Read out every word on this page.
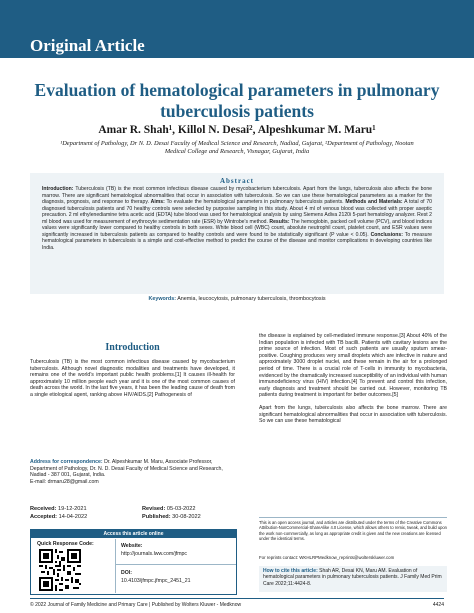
Original Article
Evaluation of hematological parameters in pulmonary tuberculosis patients
Amar R. Shah¹, Killol N. Desai², Alpeshkumar M. Maru¹
¹Department of Pathology, Dr N. D. Desai Faculty of Medical Science and Research, Nadiad, Gujarat, ²Department of Pathology, Nootan Medical College and Research, Visnagar, Gujarat, India
Abstract

Introduction: Tuberculosis (TB) is the most common infectious disease caused by mycobacterium tuberculosis. Apart from the lungs, tuberculosis also affects the bone marrow. There are significant hematological abnormalities that occur in association with tuberculosis. So we can use these hematological parameters as a marker for the diagnosis, prognosis, and response to therapy. Aims: To evaluate the hematological parameters in pulmonary tuberculosis patients. Methods and Materials: A total of 70 diagnosed tuberculosis patients and 70 healthy controls were selected by purposive sampling in this study. About 4 ml of venous blood was collected with proper aseptic precaution. 2 ml ethylenediamine tetra acetic acid (EDTA) tube blood was used for hematological analysis by using Siemens Adiva 2120i 5-part hematology analyzer. Rest 2 ml blood was used for measurement of erythrocyte sedimentation rate (ESR) by Wintrobe's method. Results: The hemoglobin, packed cell volume (PCV), and blood indices values were significantly lower compared to healthy controls in both sexes. White blood cell (WBC) count, absolute neutrophil count, platelet count, and ESR values were significantly increased in tuberculosis patients as compared to healthy controls and were found to be statistically significant (P value < 0.05). Conclusions: To measure hematological parameters in tuberculosis is a simple and cost-effective method to predict the course of the disease and monitor complications in developing countries like India.

Keywords: Anemia, leucocytosis, pulmonary tuberculosis, thrombocytosis
Introduction

Tuberculosis (TB) is the most common infectious disease caused by mycobacterium tuberculosis. Although novel diagnostic modalities and treatments have developed, it remains one of the world's important public health problems.[1] It causes ill-health for approximately 10 million people each year and it is one of the most common causes of death across the world. In the last five years, it has been the leading cause of death from a single etiological agent, ranking above HIV/AIDS.[2] Pathogenesis of

the disease is explained by cell-mediated immune response.[3] About 40% of the Indian population is infected with TB bacilli. Patients with cavitary lesions are the prime source of infection. Most of such patients are usually sputum smear-positive. Coughing produces very small droplets which are infective in nature and approximately 3000 droplet nuclei, and these remain in the air for a prolonged period of time. There is a crucial role of T-cells in immunity to mycobacteria, evidenced by the dramatically increased susceptibility of an individual with human immunodeficiency virus (HIV) infection.[4] To prevent and control this infection, early diagnosis and treatment should be carried out. However, monitoring TB patients during treatment is important for better outcomes.[5]

Apart from the lungs, tuberculosis also affects the bone marrow. There are significant hematological abnormalities that occur in association with tuberculosis. So we can use these hematological

Address for correspondence: Dr. Alpeshkumar M. Maru, Associate Professor, Department of Pathology, Dr. N. D. Desai Faculty of Medical Science and Research, Nadiad - 387 001, Gujarat, India.
E-mail: drmaru28@gmail.com
Received: 19-12-2021	Revised: 05-03-2022
Accepted: 14-04-2022	Published: 30-08-2022
Access this article online
Quick Response Code:	Website:
http://journals.lww.com/jfmpc
DOI:
10.4103/jfmpc.jfmpc_2451_21
This is an open access journal, and articles are distributed under the terms of the Creative Commons Attribution-NonCommercial-ShareAlike 4.0 License, which allows others to remix, tweak, and build upon the work non-commercially, as long as appropriate credit is given and the new creations are licensed under the identical terms.
For reprints contact: WKHLRPMedknow_reprints@wolterskluwer.com

How to cite this article: Shah AR, Desai KN, Maru AM. Evaluation of hematological parameters in pulmonary tuberculosis patients. J Family Med Prim Care 2022;11:4424-8.

© 2022 Journal of Family Medicine and Primary Care | Published by Wolters Kluwer - Medknow	4424
